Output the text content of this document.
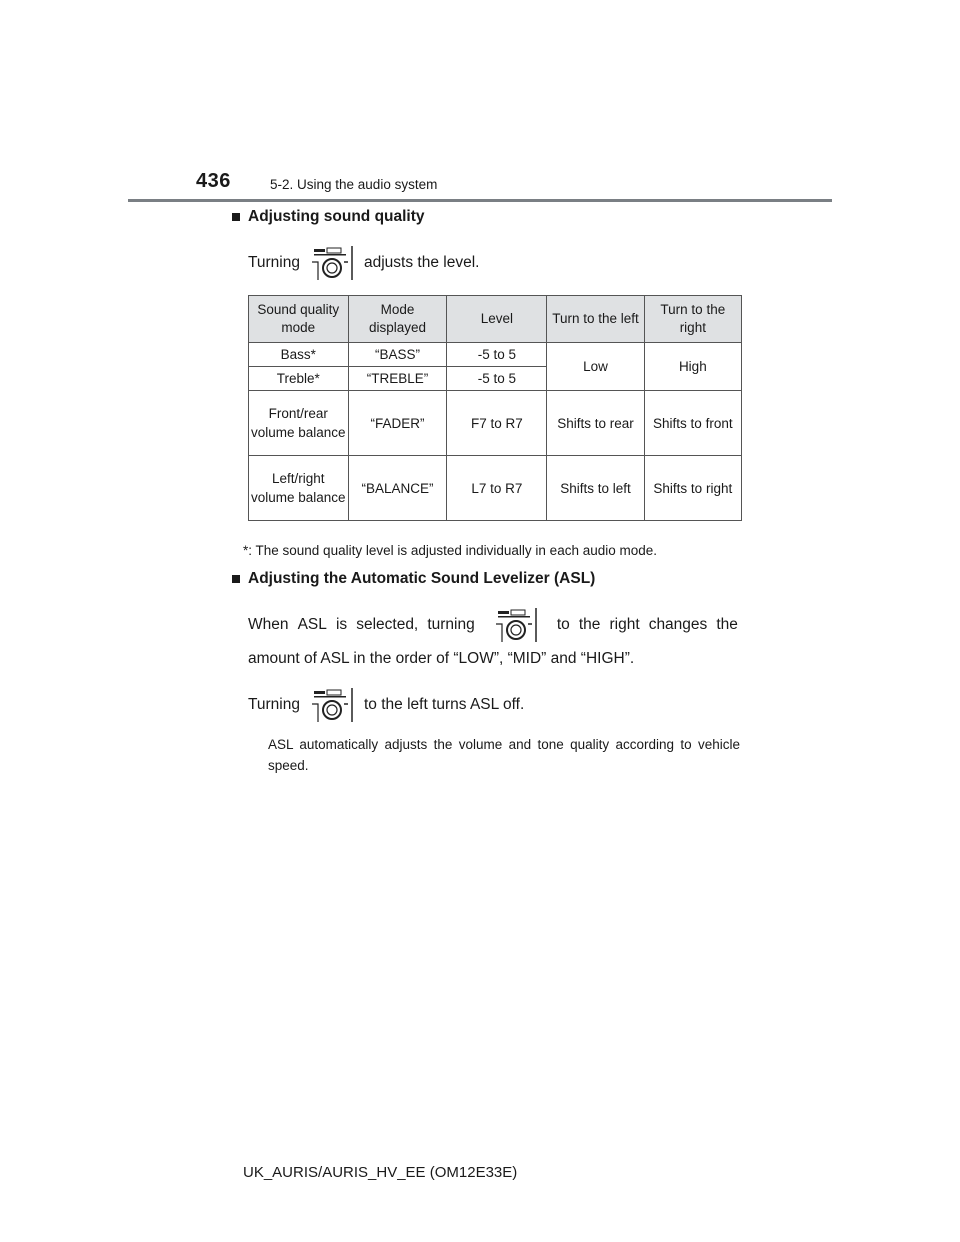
436	5-2. Using the audio system
Adjusting sound quality
Turning	adjusts the level.
Sound quality mode	Mode displayed	Level	Turn to the left	Turn to the right
Bass*	“BASS”	-5 to 5	Low	High
Treble*	“TREBLE”	-5 to 5		
Front/rear volume balance	“FADER”	F7 to R7	Shifts to rear	Shifts to front
Left/right volume balance	“BALANCE”	L7 to R7	Shifts to left	Shifts to right
*: The sound quality level is adjusted individually in each audio mode.
Adjusting the Automatic Sound Levelizer (ASL)
When ASL is selected, turning	to the right changes the
amount of ASL in the order of “LOW”, “MID” and “HIGH”.
Turning	to the left turns ASL off.
ASL automatically adjusts the volume and tone quality according to vehicle speed.
UK_AURIS/AURIS_HV_EE (OM12E33E)
